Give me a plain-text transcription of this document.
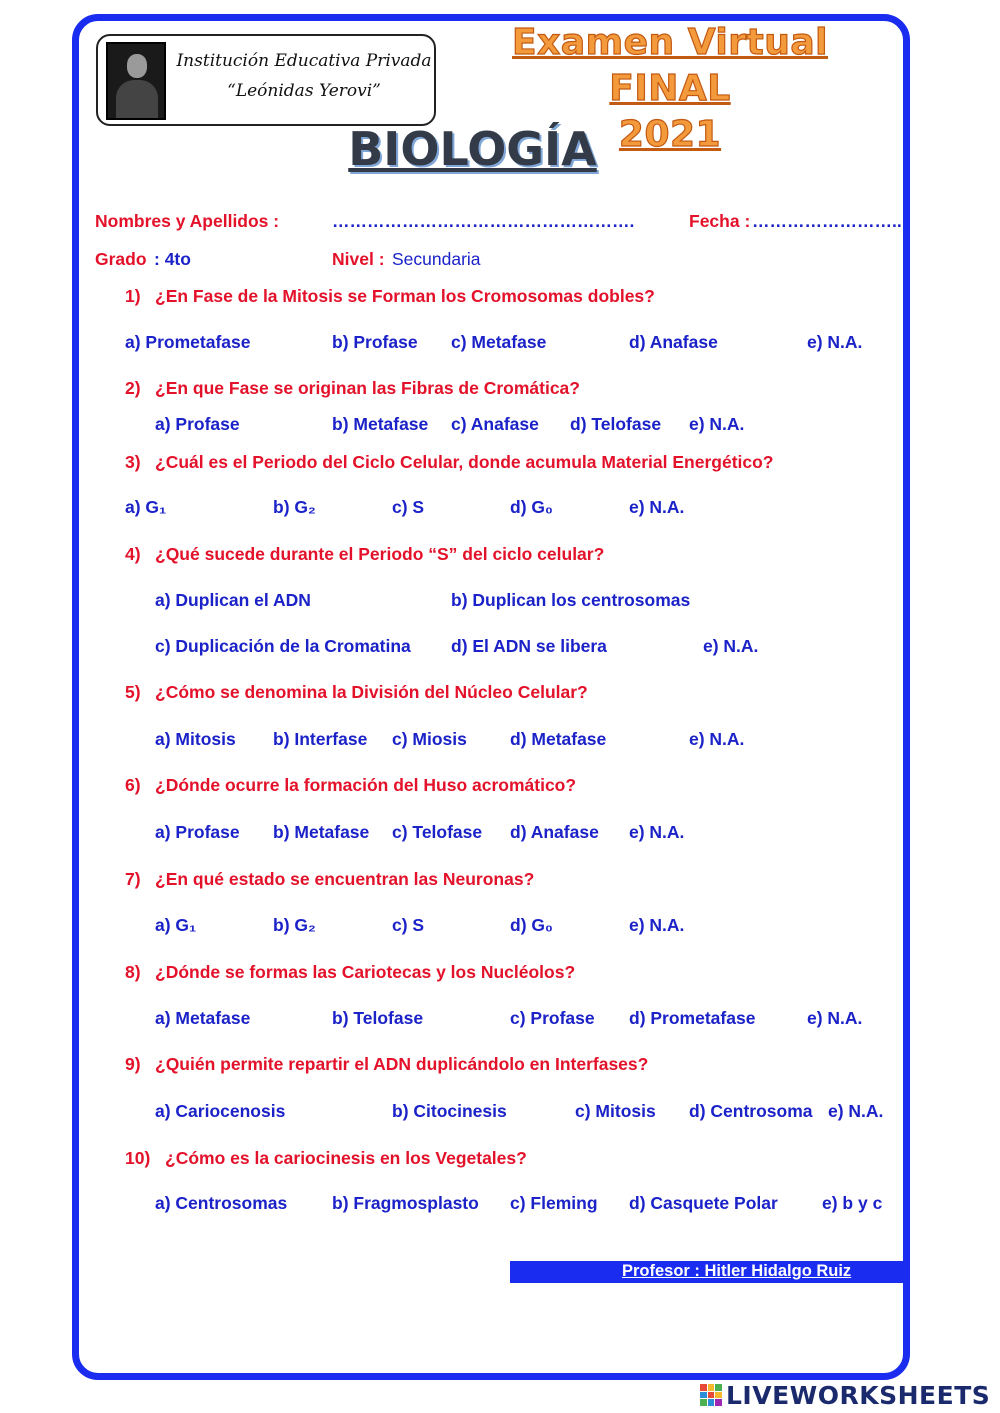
Institución Educativa Privada
“Leónidas Yerovi”
Examen Virtual FINAL
2021
BIOLOGÍA
Nombres y Apellidos :	…………………………………………….	Fecha : ……………………..
Grado : 4to	Nivel : Secundaria
1) ¿En Fase de la Mitosis se Forman los Cromosomas dobles?
a) Prometafase	b) Profase c) Metafase	d) Anafase	e) N.A.
2) ¿En que Fase se originan las Fibras de Cromática?
a) Profase	b) Metafase c) Anafase d) Telofase e) N.A.
3) ¿Cuál es el Periodo del Ciclo Celular, donde acumula Material Energético?
a) G₁	b) G₂	c) S	d) G₀	e) N.A.
4) ¿Qué sucede durante el Periodo “S” del ciclo celular?
a) Duplican el ADN	b) Duplican los centrosomas
c) Duplicación de la Cromatina d) El ADN se libera	e) N.A.
5) ¿Cómo se denomina la División del Núcleo Celular?
a) Mitosis b) Interfase c) Miosis d) Metafase	e) N.A.
6) ¿Dónde ocurre la formación del Huso acromático?
a) Profase b) Metafase c) Telofase d) Anafase e) N.A.
7) ¿En qué estado se encuentran las Neuronas?
a) G₁	b) G₂	c) S	d) G₀	e) N.A.
8) ¿Dónde se formas las Cariotecas y los Nucléolos?
a) Metafase	b) Telofase	c) Profase d) Prometafase	e) N.A.
9) ¿Quién permite repartir el ADN duplicándolo en Interfases?
a) Cariocenosis	b) Citocinesis	c) Mitosis d) Centrosoma e) N.A.
10) ¿Cómo es la cariocinesis en los Vegetales?
a) Centrosomas	b) Fragmosplasto c) Fleming d) Casquete Polar	e) b y c
Profesor : Hitler Hidalgo Ruiz
LIVEWORKSHEETS
